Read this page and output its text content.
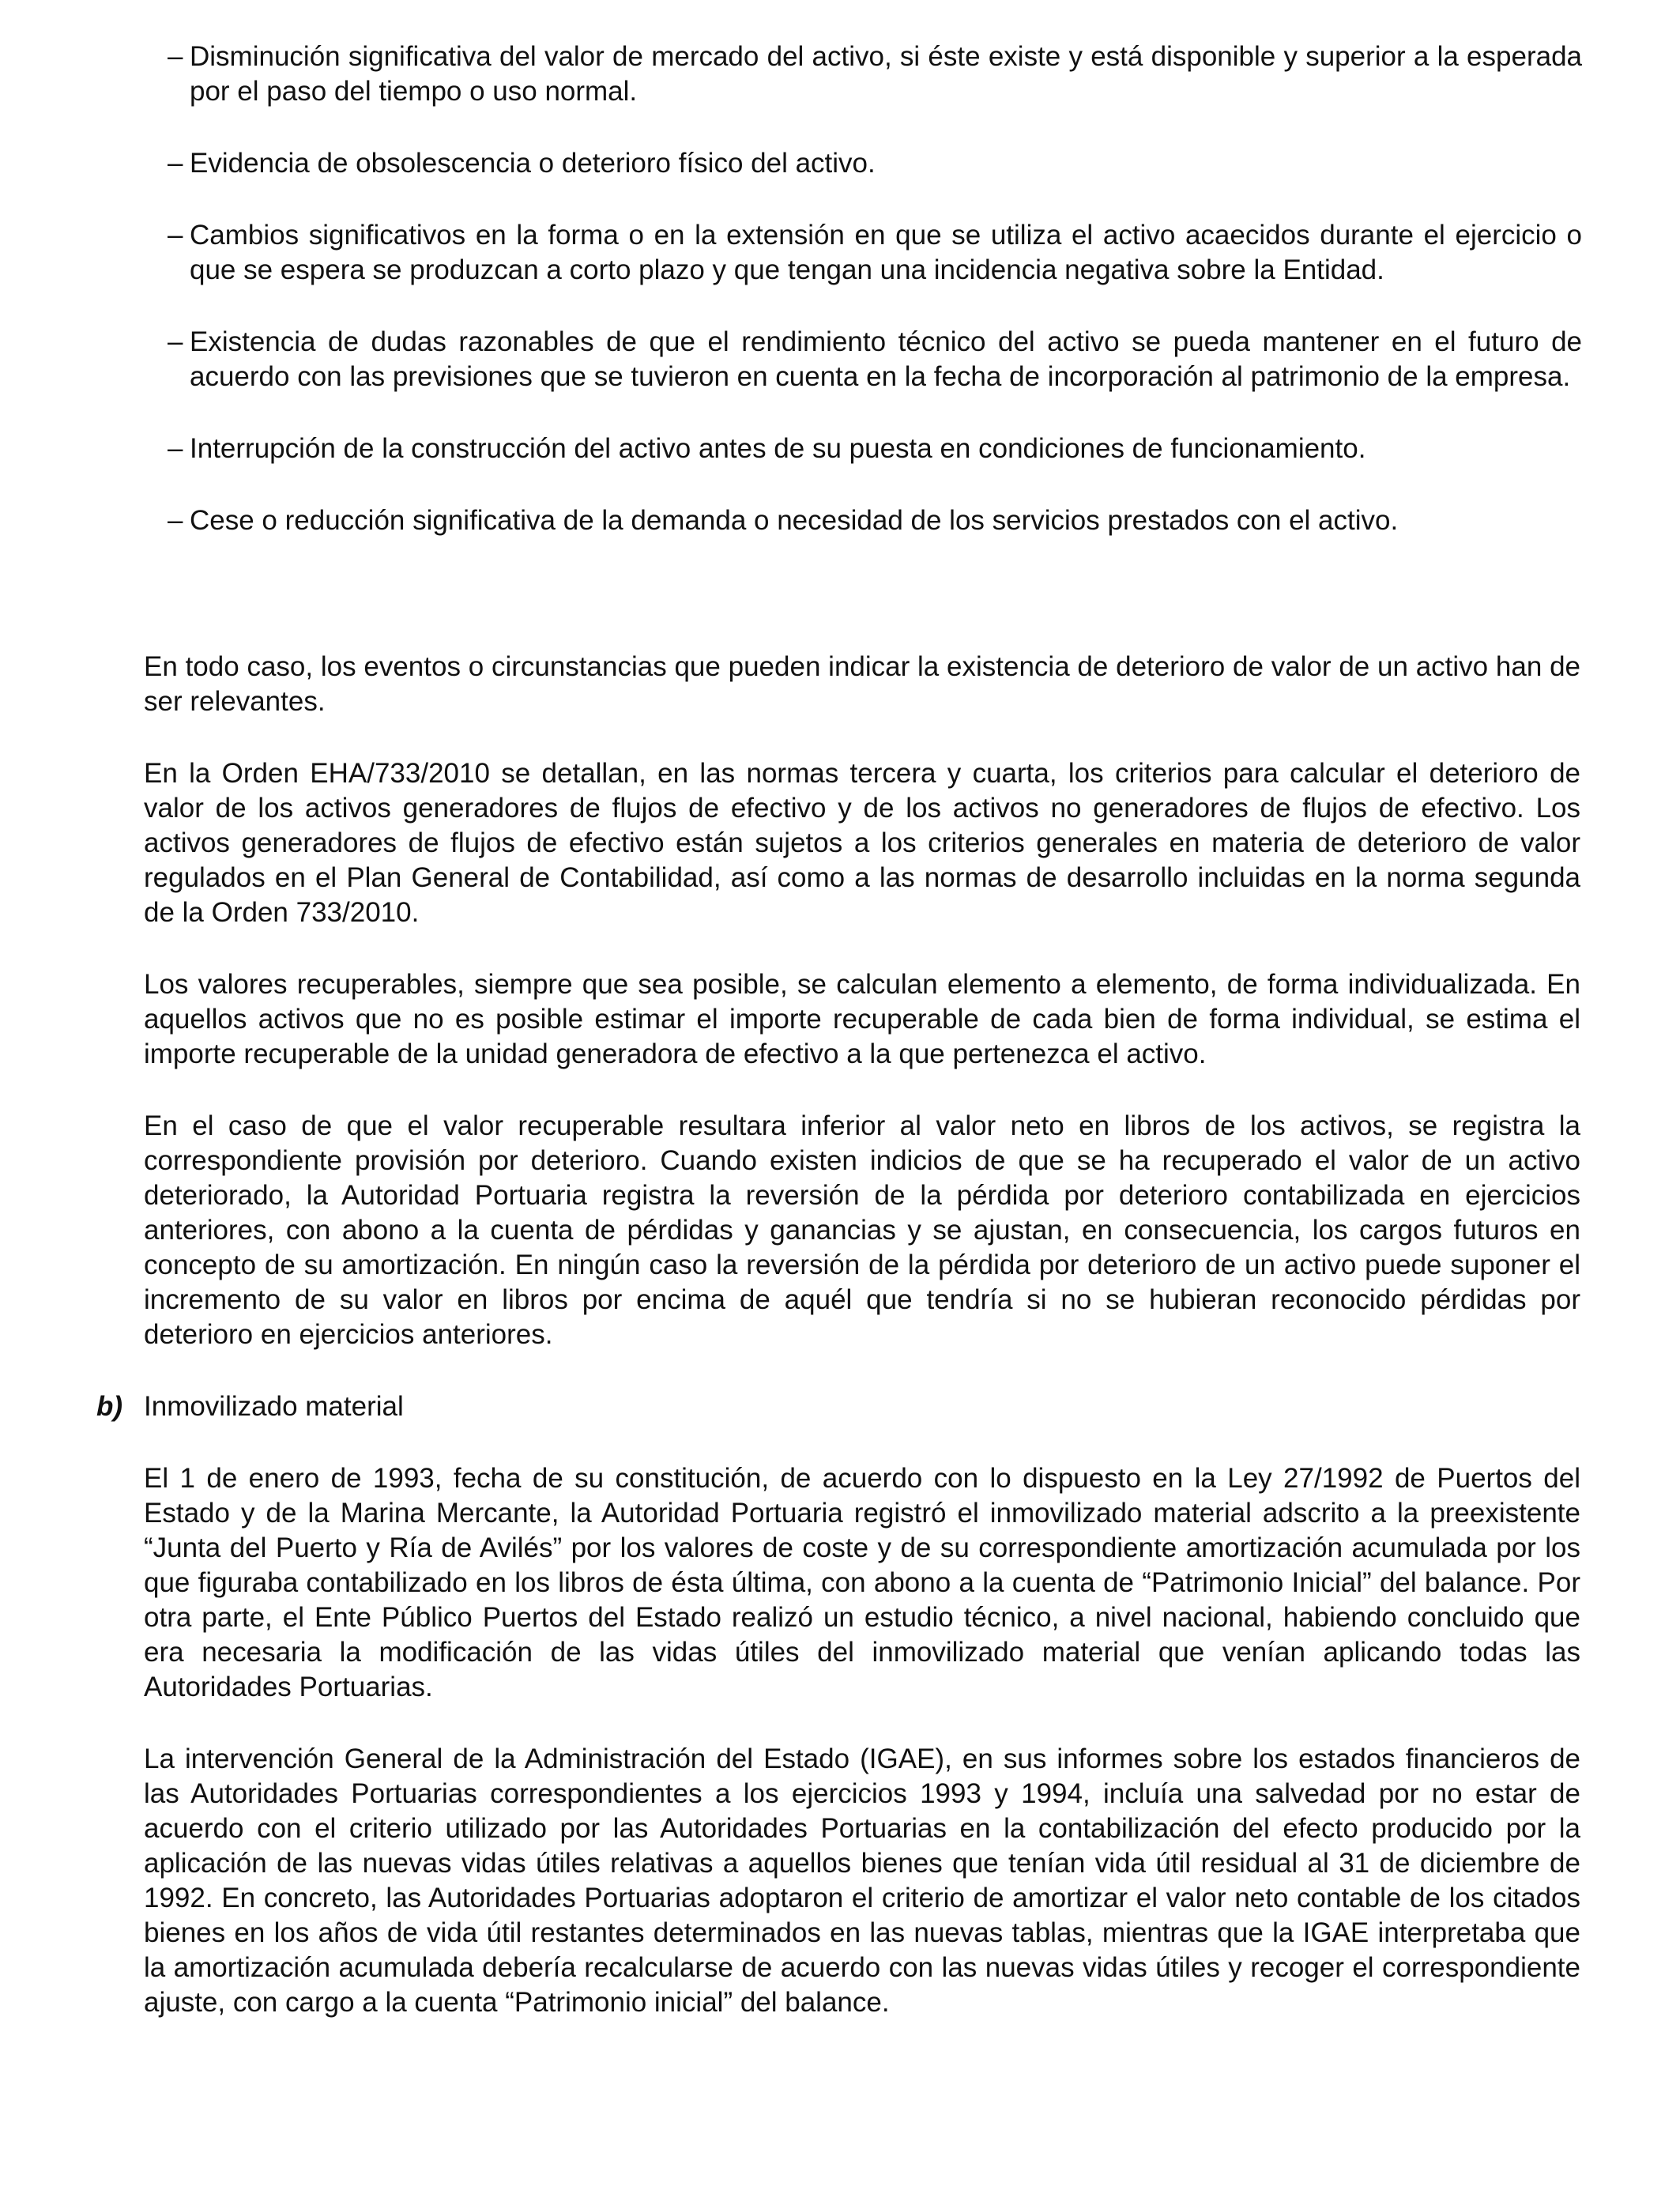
– Disminución significativa del valor de mercado del activo, si éste existe y está disponible y superior a la esperada por el paso del tiempo o uso normal.
– Evidencia de obsolescencia o deterioro físico del activo.
– Cambios significativos en la forma o en la extensión en que se utiliza el activo acaecidos durante el ejercicio o que se espera se produzcan a corto plazo y que tengan una incidencia negativa sobre la Entidad.
– Existencia de dudas razonables de que el rendimiento técnico del activo se pueda mantener en el futuro de acuerdo con las previsiones que se tuvieron en cuenta en la fecha de incorporación al patrimonio de la empresa.
– Interrupción de la construcción del activo antes de su puesta en condiciones de funcionamiento.
– Cese o reducción significativa de la demanda o necesidad de los servicios prestados con el activo.

En todo caso, los eventos o circunstancias que pueden indicar la existencia de deterioro de valor de un activo han de ser relevantes.

En la Orden EHA/733/2010 se detallan, en las normas tercera y cuarta, los criterios para calcular el deterioro de valor de los activos generadores de flujos de efectivo y de los activos no generadores de flujos de efectivo. Los activos generadores de flujos de efectivo están sujetos a los criterios generales en materia de deterioro de valor regulados en el Plan General de Contabilidad, así como a las normas de desarrollo incluidas en la norma segunda de la Orden 733/2010.

Los valores recuperables, siempre que sea posible, se calculan elemento a elemento, de forma individualizada. En aquellos activos que no es posible estimar el importe recuperable de cada bien de forma individual, se estima el importe recuperable de la unidad generadora de efectivo a la que pertenezca el activo.

En el caso de que el valor recuperable resultara inferior al valor neto en libros de los activos, se registra la correspondiente provisión por deterioro. Cuando existen indicios de que se ha recuperado el valor de un activo deteriorado, la Autoridad Portuaria registra la reversión de la pérdida por deterioro contabilizada en ejercicios anteriores, con abono a la cuenta de pérdidas y ganancias y se ajustan, en consecuencia, los cargos futuros en concepto de su amortización. En ningún caso la reversión de la pérdida por deterioro de un activo puede suponer el incremento de su valor en libros por encima de aquél que tendría si no se hubieran reconocido pérdidas por deterioro en ejercicios anteriores.

b) Inmovilizado material

El 1 de enero de 1993, fecha de su constitución, de acuerdo con lo dispuesto en la Ley 27/1992 de Puertos del Estado y de la Marina Mercante, la Autoridad Portuaria registró el inmovilizado material adscrito a la preexistente “Junta del Puerto y Ría de Avilés” por los valores de coste y de su correspondiente amortización acumulada por los que figuraba contabilizado en los libros de ésta última, con abono a la cuenta de “Patrimonio Inicial” del balance. Por otra parte, el Ente Público Puertos del Estado realizó un estudio técnico, a nivel nacional, habiendo concluido que era necesaria la modificación de las vidas útiles del inmovilizado material que venían aplicando todas las Autoridades Portuarias.

La intervención General de la Administración del Estado (IGAE), en sus informes sobre los estados financieros de las Autoridades Portuarias correspondientes a los ejercicios 1993 y 1994, incluía una salvedad por no estar de acuerdo con el criterio utilizado por las Autoridades Portuarias en la contabilización del efecto producido por la aplicación de las nuevas vidas útiles relativas a aquellos bienes que tenían vida útil residual al 31 de diciembre de 1992. En concreto, las Autoridades Portuarias adoptaron el criterio de amortizar el valor neto contable de los citados bienes en los años de vida útil restantes determinados en las nuevas tablas, mientras que la IGAE interpretaba que la amortización acumulada debería recalcularse de acuerdo con las nuevas vidas útiles y recoger el correspondiente ajuste, con cargo a la cuenta “Patrimonio inicial” del balance.
